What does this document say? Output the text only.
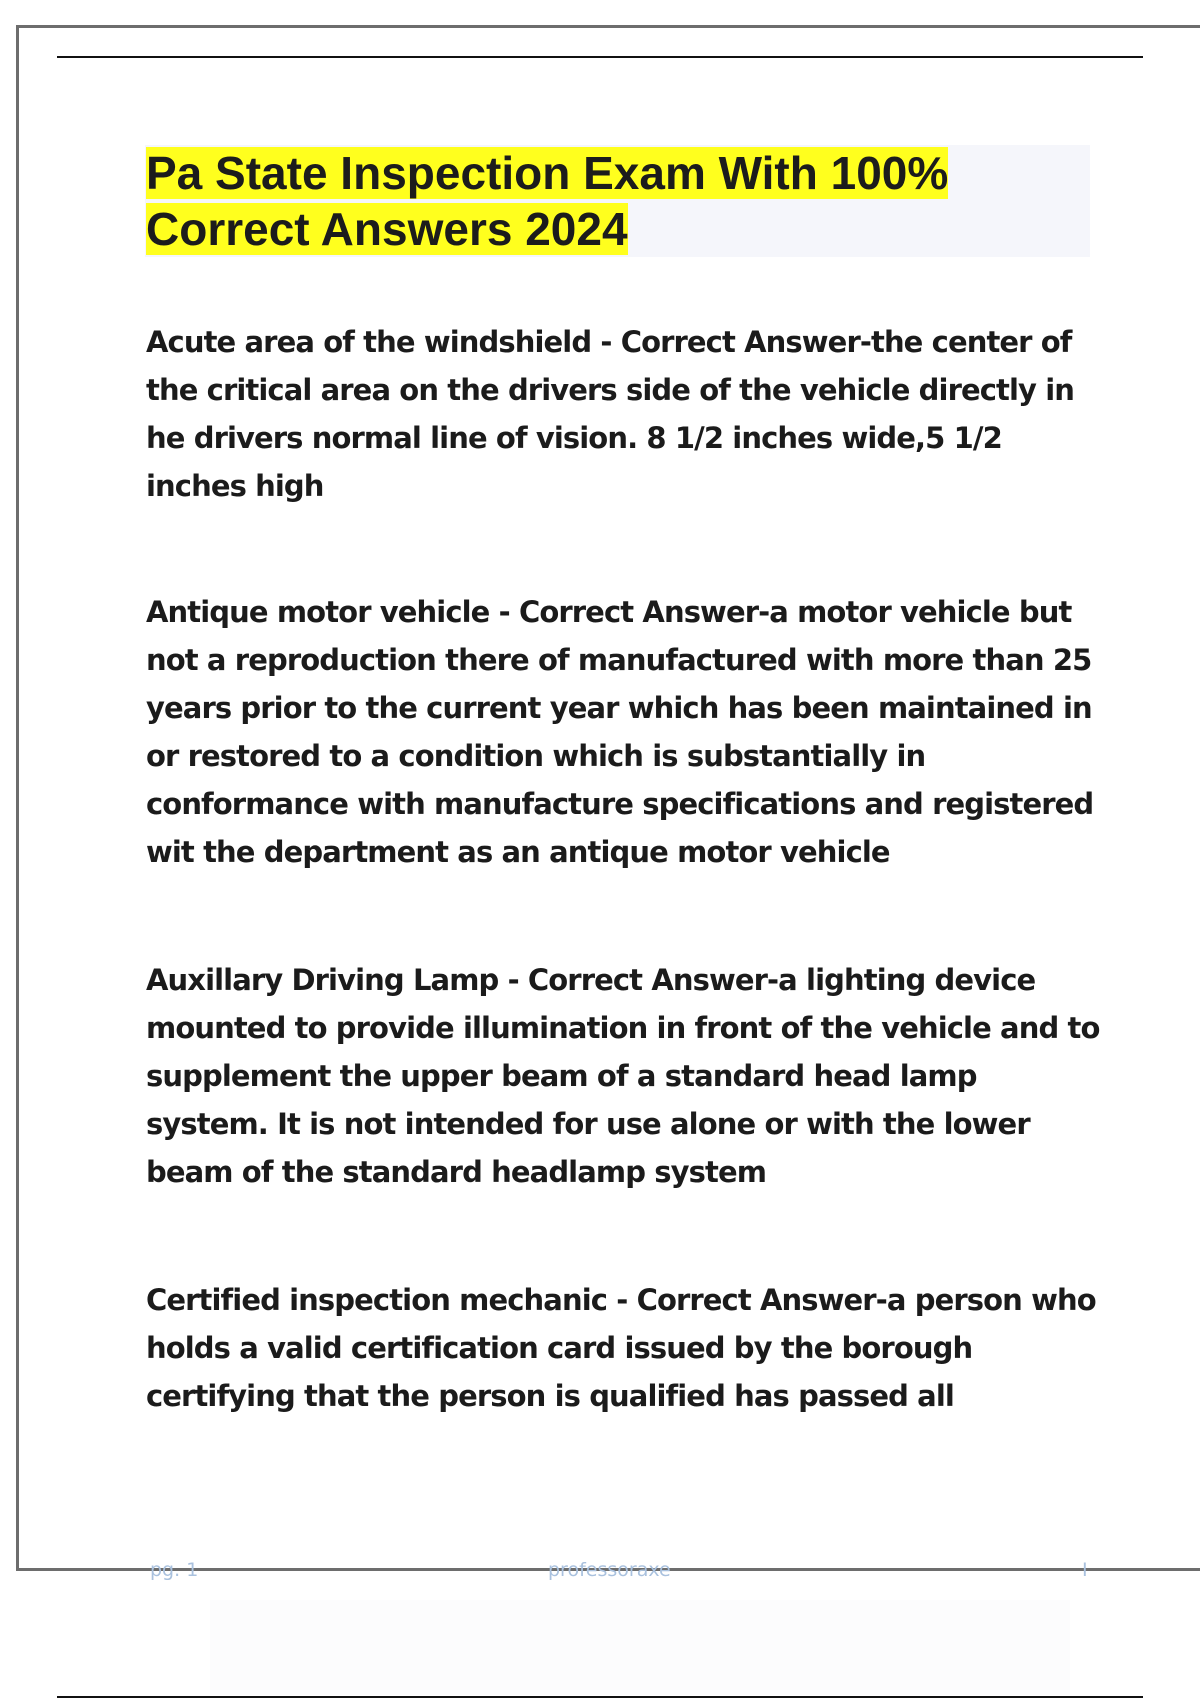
Pa State Inspection Exam With 100%
Correct Answers 2024

Acute area of the windshield - Correct Answer-the center of the critical area on the drivers side of the vehicle directly in he drivers normal line of vision. 8 1/2 inches wide,5 1/2 inches high

Antique motor vehicle - Correct Answer-a motor vehicle but not a reproduction there of manufactured with more than 25 years prior to the current year which has been maintained in or restored to a condition which is substantially in conformance with manufacture specifications and registered wit the department as an antique motor vehicle

Auxillary Driving Lamp - Correct Answer-a lighting device mounted to provide illumination in front of the vehicle and to supplement the upper beam of a standard head lamp system. It is not intended for use alone or with the lower beam of the standard headlamp system

Certified inspection mechanic - Correct Answer-a person who holds a valid certification card issued by the borough certifying that the person is qualified has passed all

pg. 1	professoraxe	I
